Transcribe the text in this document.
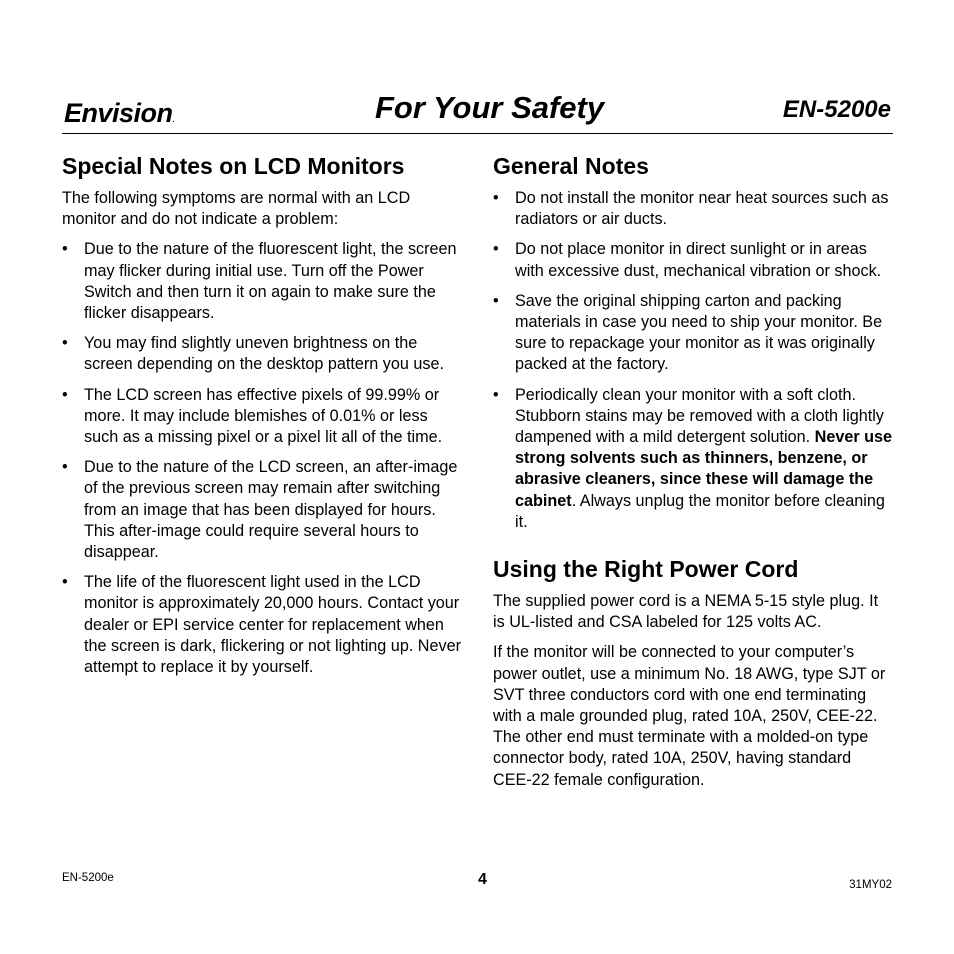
Envision.	For Your Safety	EN-5200e
Special Notes on LCD Monitors

The following symptoms are normal with an LCD monitor and do not indicate a problem:

•	Due to the nature of the fluorescent light, the screen may flicker during initial use. Turn off the Power Switch and then turn it on again to make sure the flicker disappears.
•	You may find slightly uneven brightness on the screen depending on the desktop pattern you use.
•	The LCD screen has effective pixels of 99.99% or more. It may include blemishes of 0.01% or less such as a missing pixel or a pixel lit all of the time.
•	Due to the nature of the LCD screen, an after-image of the previous screen may remain after switching from an image that has been displayed for hours. This after-image could require several hours to disappear.
•	The life of the fluorescent light used in the LCD monitor is approximately 20,000 hours. Contact your dealer or EPI service center for replacement when the screen is dark, flickering or not lighting up. Never attempt to replace it by yourself.
General Notes
•	Do not install the monitor near heat sources such as radiators or air ducts.
•	Do not place monitor in direct sunlight or in areas with excessive dust, mechanical vibration or shock.
•	Save the original shipping carton and packing materials in case you need to ship your monitor. Be sure to repackage your monitor as it was originally packed at the factory.
•	Periodically clean your monitor with a soft cloth. Stubborn stains may be removed with a cloth lightly dampened with a mild detergent solution. Never use strong solvents such as thinners, benzene, or abrasive cleaners, since these will damage the cabinet. Always unplug the monitor before cleaning it.
Using the Right Power Cord

The supplied power cord is a NEMA 5-15 style plug. It is UL-listed and CSA labeled for 125 volts AC.

If the monitor will be connected to your computer’s power outlet, use a minimum No. 18 AWG, type SJT or SVT three conductors cord with one end terminating with a male grounded plug, rated 10A, 250V, CEE-22. The other end must terminate with a molded-on type connector body, rated 10A, 250V, having standard CEE-22 female configuration.

EN-5200e	4	31MY02
